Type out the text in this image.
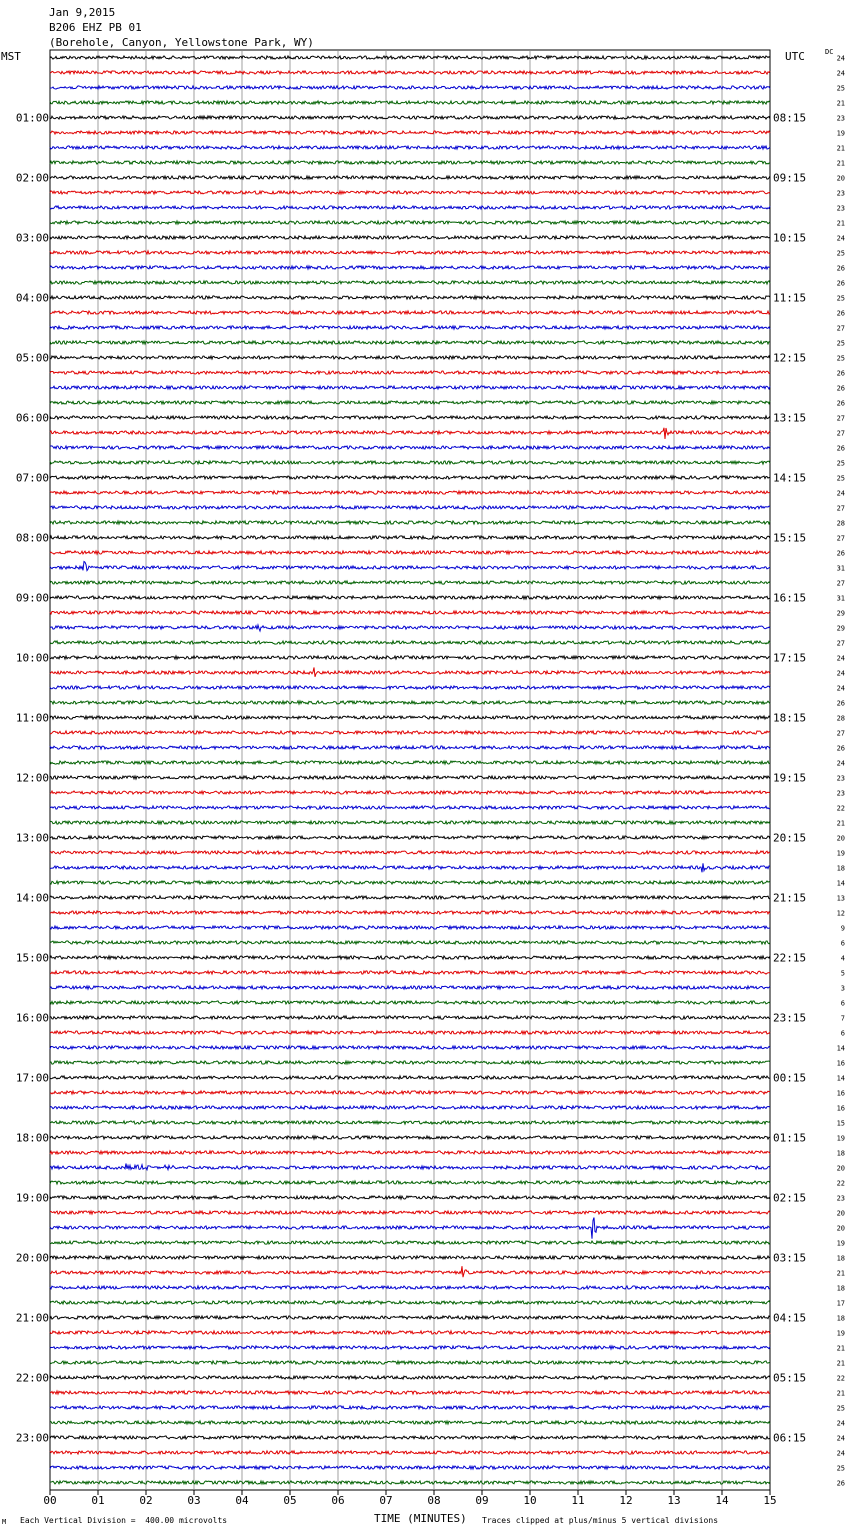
Jan 9,2015
B206 EHZ PB 01
(Borehole, Canyon, Yellowstone Park, WY)
MST	UTC	DC
00	01	02	03	04	05	06	07	08	09	10	11	12	13	14	15
24
24
25
21
23
19
21
21
20
23
23
21
24
25
26
26
25
26
27
25
25
26
26
26
27
27
26
25
25
24
27
28
27
26
31
27
31
29
29
27
24
24
24
26
28
27
26
24
23
23
22
21
20
19
18
14
13
12
9
6
4
5
3
6
7
6
14
16
14
16
16
15
19
18
20
22
23
20
20
19
18
21
18
17
18
19
21
21
22
21
25
24
24
24
25
26
01:00
02:00
03:00
04:00
05:00
06:00
07:00
08:00
09:00
10:00
11:00
12:00
13:00
14:00
15:00
16:00
17:00
18:00
19:00
20:00
21:00
22:00
23:00
08:15
09:15
10:15
11:15
12:15
13:15
14:15
15:15
16:15
17:15
18:15
19:15
20:15
21:15
22:15
23:15
00:15
01:15
02:15
03:15
04:15
05:15
06:15
M Each Vertical Division =  400.00 microvolts	TIME (MINUTES) Traces clipped at plus/minus 5 vertical divisions
